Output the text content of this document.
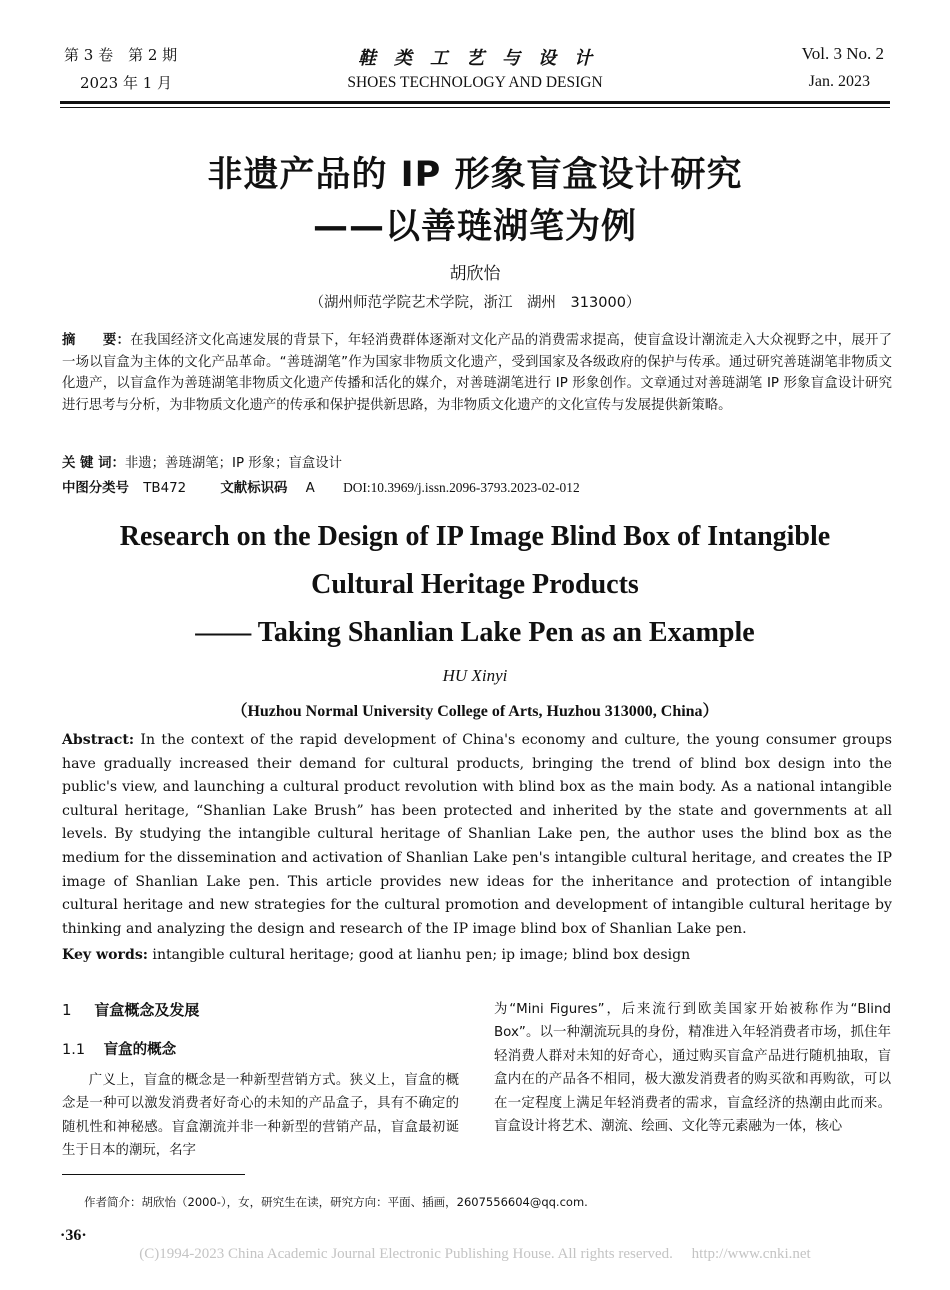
第 3 卷　第 2 期
2023 年 1 月
鞋　类　工　艺　与　设　计
SHOES TECHNOLOGY AND DESIGN
Vol. 3 No. 2
Jan. 2023
非遗产品的 IP 形象盲盒设计研究
——以善琏湖笔为例
胡欣怡
（湖州师范学院艺术学院，浙江　湖州　313000）
摘　　要：在我国经济文化高速发展的背景下，年轻消费群体逐渐对文化产品的消费需求提高，使盲盒设计潮流走入大众视野之中，展开了一场以盲盒为主体的文化产品革命。“善琏湖笔”作为国家非物质文化遗产，受到国家及各级政府的保护与传承。通过研究善琏湖笔非物质文化遗产，以盲盒作为善琏湖笔非物质文化遗产传播和活化的媒介，对善琏湖笔进行 IP 形象创作。文章通过对善琏湖笔 IP 形象盲盒设计研究进行思考与分析，为非物质文化遗产的传承和保护提供新思路，为非物质文化遗产的文化宣传与发展提供新策略。
关 键 词：非遗；善琏湖笔；IP 形象；盲盒设计
中图分类号 TB472	文献标识码 A DOI:10.3969/j.issn.2096-3793.2023-02-012
Research on the Design of IP Image Blind Box of Intangible
Cultural Heritage Products
—— Taking Shanlian Lake Pen as an Example
HU Xinyi
（Huzhou Normal University College of Arts, Huzhou 313000, China）
Abstract: In the context of the rapid development of China's economy and culture, the young consumer groups have gradually increased their demand for cultural products, bringing the trend of blind box design into the public's view, and launching a cultural product revolution with blind box as the main body. As a national intangible cultural heritage, “Shanlian Lake Brush” has been protected and inherited by the state and governments at all levels. By studying the intangible cultural heritage of Shanlian Lake pen, the author uses the blind box as the medium for the dissemination and activation of Shanlian Lake pen's intangible cultural heritage, and creates the IP image of Shanlian Lake pen. This article provides new ideas for the inheritance and protection of intangible cultural heritage and new strategies for the cultural promotion and development of intangible cultural heritage by thinking and analyzing the design and research of the IP image blind box of Shanlian Lake pen.
Key words: intangible cultural heritage; good at lianhu pen; ip image; blind box design
1 盲盒概念及发展
1.1 盲盒的概念
广义上，盲盒的概念是一种新型营销方式。狭义上，盲盒的概念是一种可以激发消费者好奇心的未知的产品盒子，具有不确定的随机性和神秘感。盲盒潮流并非一种新型的营销产品，盲盒最初诞生于日本的潮玩，名字
为“Mini Figures”，后来流行到欧美国家开始被称作为“Blind Box”。以一种潮流玩具的身份，精准进入年轻消费者市场，抓住年轻消费人群对未知的好奇心，通过购买盲盒产品进行随机抽取，盲盒内在的产品各不相同，极大激发消费者的购买欲和再购欲，可以在一定程度上满足年轻消费者的需求，盲盒经济的热潮由此而来。盲盒设计将艺术、潮流、绘画、文化等元素融为一体，核心
作者简介：胡欣怡（2000-），女，研究生在读，研究方向：平面、插画，2607556604@qq.com.
·36·
(C)1994-2023 China Academic Journal Electronic Publishing House. All rights reserved.　 http://www.cnki.net
